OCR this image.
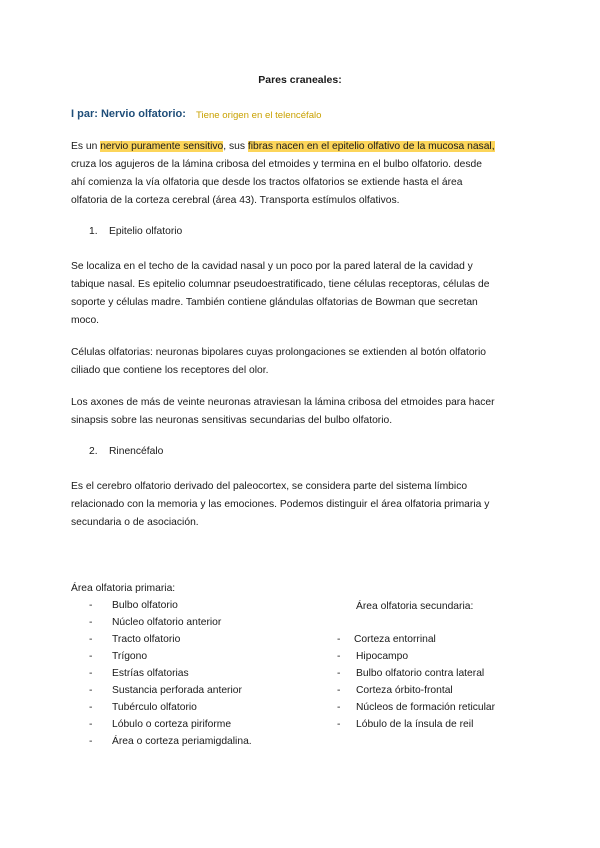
Pares craneales:
I par: Nervio olfatorio: Tiene origen en el telencéfalo
Es un nervio puramente sensitivo, sus fibras nacen en el epitelio olfativo de la mucosa nasal,
cruza los agujeros de la lámina cribosa del etmoides y termina en el bulbo olfatorio. desde
ahí comienza la vía olfatoria que desde los tractos olfatorios se extiende hasta el área
olfatoria de la corteza cerebral (área 43). Transporta estímulos olfativos.
1. Epitelio olfatorio
Se localiza en el techo de la cavidad nasal y un poco por la pared lateral de la cavidad y
tabique nasal. Es epitelio columnar pseudoestratificado, tiene células receptoras, células de
soporte y células madre. También contiene glándulas olfatorias de Bowman que secretan
moco.
Células olfatorias: neuronas bipolares cuyas prolongaciones se extienden al botón olfatorio
ciliado que contiene los receptores del olor.
Los axones de más de veinte neuronas atraviesan la lámina cribosa del etmoides para hacer
sinapsis sobre las neuronas sensitivas secundarias del bulbo olfatorio.
2. Rinencéfalo
Es el cerebro olfatorio derivado del paleocortex, se considera parte del sistema límbico
relacionado con la memoria y las emociones. Podemos distinguir el área olfatoria primaria y
secundaria o de asociación.
Área olfatoria primaria:
- Bulbo olfatorio
- Núcleo olfatorio anterior
- Tracto olfatorio
- Trígono
- Estrías olfatorias
- Sustancia perforada anterior
- Tubérculo olfatorio
- Lóbulo o corteza piriforme
- Área o corteza periamigdalina.
Área olfatoria secundaria:
- Corteza entorrinal
- Hipocampo
- Bulbo olfatorio contra lateral
- Corteza órbito-frontal
- Núcleos de formación reticular
- Lóbulo de la ínsula de reil
